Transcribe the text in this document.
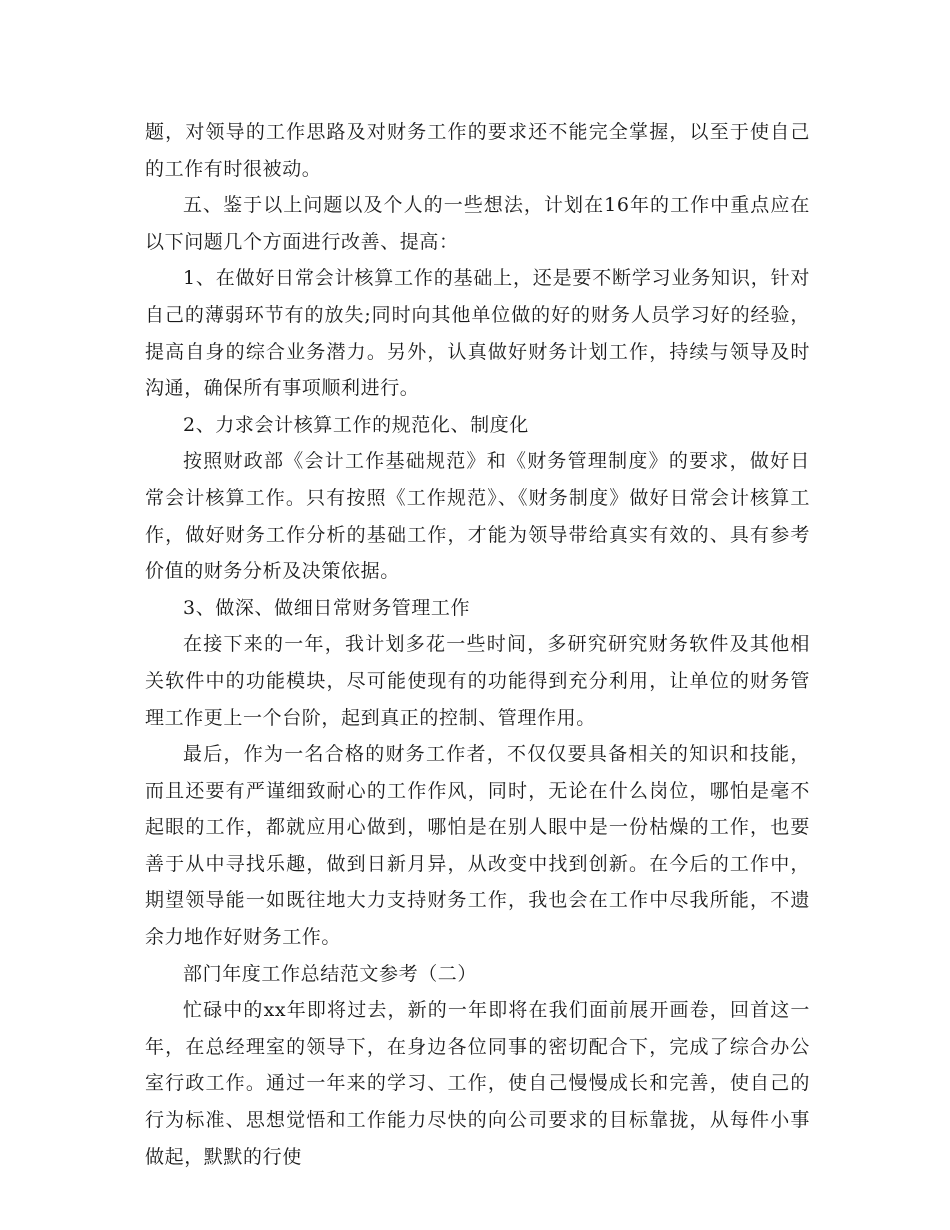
题，对领导的工作思路及对财务工作的要求还不能完全掌握，以至于使自己的工作有时很被动。

五、鉴于以上问题以及个人的一些想法，计划在16年的工作中重点应在以下问题几个方面进行改善、提高：

1、在做好日常会计核算工作的基础上，还是要不断学习业务知识，针对自己的薄弱环节有的放失;同时向其他单位做的好的财务人员学习好的经验，提高自身的综合业务潜力。另外，认真做好财务计划工作，持续与领导及时沟通，确保所有事项顺利进行。

2、力求会计核算工作的规范化、制度化

按照财政部《会计工作基础规范》和《财务管理制度》的要求，做好日常会计核算工作。只有按照《工作规范》、《财务制度》做好日常会计核算工作，做好财务工作分析的基础工作，才能为领导带给真实有效的、具有参考价值的财务分析及决策依据。

3、做深、做细日常财务管理工作

在接下来的一年，我计划多花一些时间，多研究研究财务软件及其他相关软件中的功能模块，尽可能使现有的功能得到充分利用，让单位的财务管理工作更上一个台阶，起到真正的控制、管理作用。

最后，作为一名合格的财务工作者，不仅仅要具备相关的知识和技能，而且还要有严谨细致耐心的工作作风，同时，无论在什么岗位，哪怕是毫不起眼的工作，都就应用心做到，哪怕是在别人眼中是一份枯燥的工作，也要善于从中寻找乐趣，做到日新月异，从改变中找到创新。在今后的工作中，期望领导能一如既往地大力支持财务工作，我也会在工作中尽我所能，不遗余力地作好财务工作。

部门年度工作总结范文参考（二）

忙碌中的xx年即将过去，新的一年即将在我们面前展开画卷，回首这一年，在总经理室的领导下，在身边各位同事的密切配合下，完成了综合办公室行政工作。通过一年来的学习、工作，使自己慢慢成长和完善，使自己的行为标准、思想觉悟和工作能力尽快的向公司要求的目标靠拢，从每件小事做起，默默的行使
